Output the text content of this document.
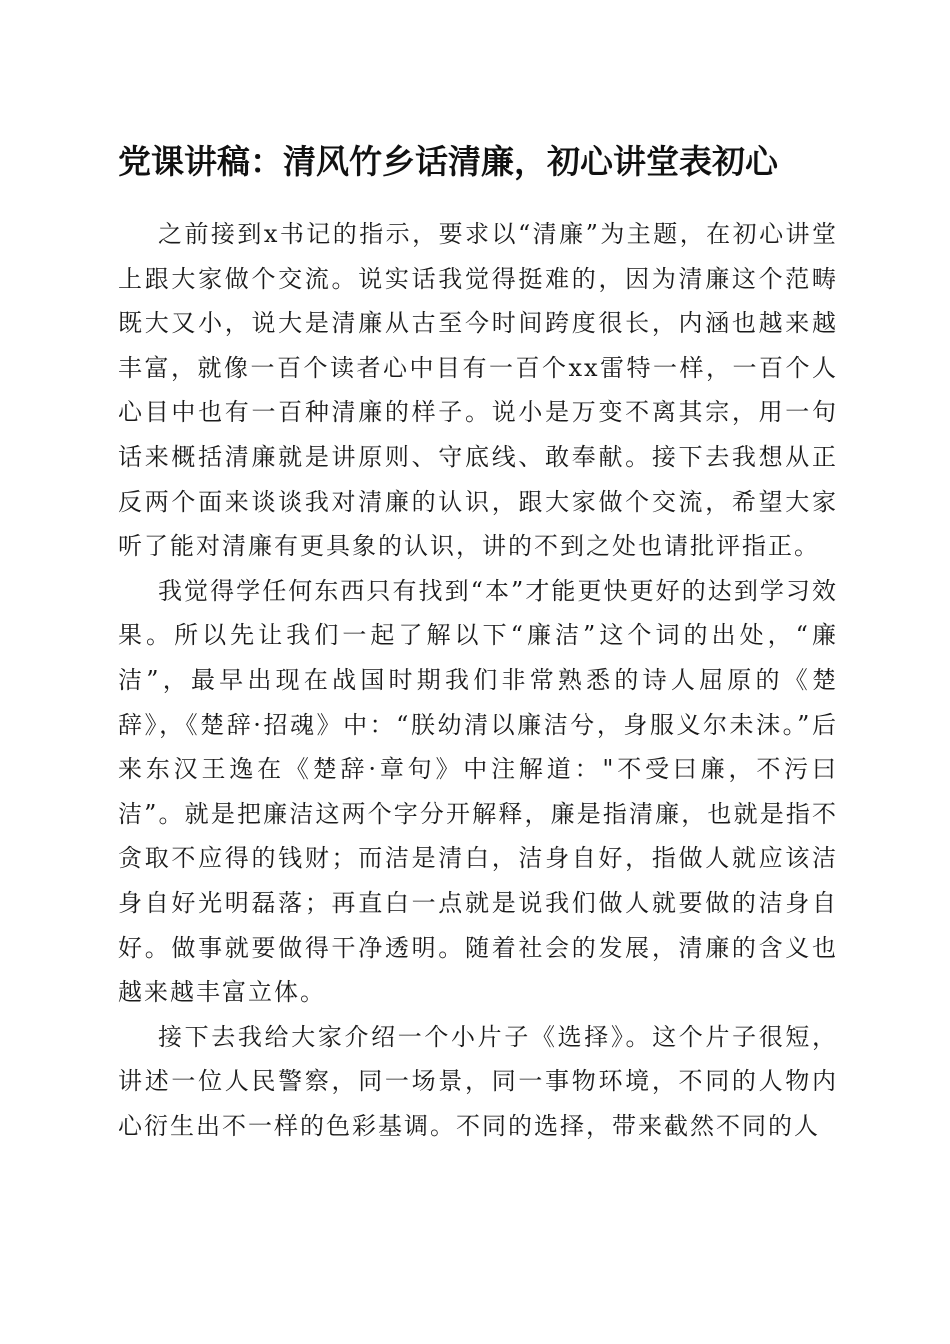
党课讲稿：清风竹乡话清廉，初心讲堂表初心

之前接到x书记的指示，要求以“清廉”为主题，在初心讲堂上跟大家做个交流。说实话我觉得挺难的，因为清廉这个范畴既大又小，说大是清廉从古至今时间跨度很长，内涵也越来越丰富，就像一百个读者心中目有一百个xx雷特一样，一百个人心目中也有一百种清廉的样子。说小是万变不离其宗，用一句话来概括清廉就是讲原则、守底线、敢奉献。接下去我想从正反两个面来谈谈我对清廉的认识，跟大家做个交流，希望大家听了能对清廉有更具象的认识，讲的不到之处也请批评指正。

我觉得学任何东西只有找到“本”才能更快更好的达到学习效果。所以先让我们一起了解以下“廉洁”这个词的出处，“廉洁”，最早出现在战国时期我们非常熟悉的诗人屈原的《楚辞》，《楚辞·招魂》中：“朕幼清以廉洁兮，身服义尔未沫。”后来东汉王逸在《楚辞·章句》中注解道："不受曰廉，不污曰洁”。就是把廉洁这两个字分开解释，廉是指清廉，也就是指不贪取不应得的钱财；而洁是清白，洁身自好，指做人就应该洁身自好光明磊落；再直白一点就是说我们做人就要做的洁身自好。做事就要做得干净透明。随着社会的发展，清廉的含义也越来越丰富立体。

接下去我给大家介绍一个小片子《选择》。这个片子很短，讲述一位人民警察，同一场景，同一事物环境，不同的人物内心衍生出不一样的色彩基调。不同的选择，带来截然不同的人
